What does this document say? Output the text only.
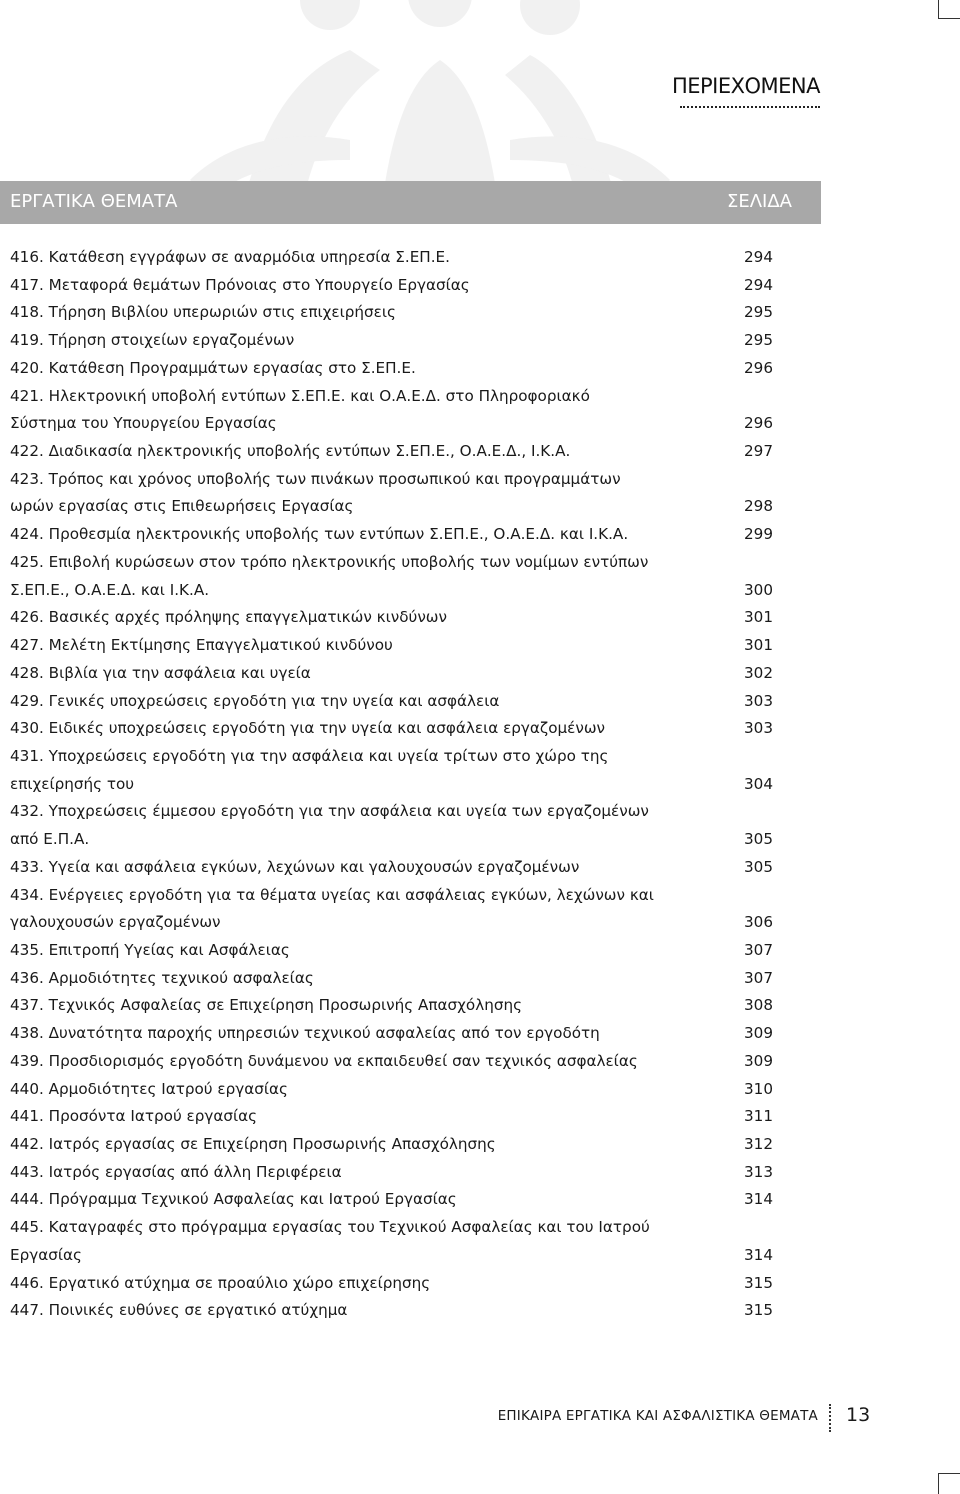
ΠΕΡΙΕΧΟΜΕΝΑ
ΕΡΓΑΤΙΚΑ ΘΕΜΑΤΑ	ΣΕΛΙΔΑ
416. Κατάθεση εγγράφων σε αναρμόδια υπηρεσία Σ.ΕΠ.Ε.	294
417. Μεταφορά θεμάτων Πρόνοιας στο Υπουργείο Εργασίας	294
418. Τήρηση Βιβλίου υπερωριών στις επιχειρήσεις	295
419. Τήρηση στοιχείων εργαζομένων	295
420. Κατάθεση Προγραμμάτων εργασίας στο Σ.ΕΠ.Ε.	296
421. Ηλεκτρονική υποβολή εντύπων Σ.ΕΠ.Ε. και Ο.Α.Ε.Δ. στο Πληροφοριακό
Σύστημα του Υπουργείου Εργασίας	296
422. Διαδικασία ηλεκτρονικής υποβολής εντύπων Σ.ΕΠ.Ε., Ο.Α.Ε.Δ., Ι.Κ.Α.	297
423. Τρόπος και χρόνος υποβολής των πινάκων προσωπικού και προγραμμάτων
ωρών εργασίας στις Επιθεωρήσεις Εργασίας	298
424. Προθεσμία ηλεκτρονικής υποβολής των εντύπων Σ.ΕΠ.Ε., Ο.Α.Ε.Δ. και Ι.Κ.Α.	299
425. Επιβολή κυρώσεων στον τρόπο ηλεκτρονικής υποβολής των νομίμων εντύπων
Σ.ΕΠ.Ε., Ο.Α.Ε.Δ. και Ι.Κ.Α.	300
426. Βασικές αρχές πρόληψης επαγγελματικών κινδύνων	301
427. Μελέτη Εκτίμησης Επαγγελματικού κινδύνου	301
428. Βιβλία για την ασφάλεια και υγεία	302
429. Γενικές υποχρεώσεις εργοδότη για την υγεία και ασφάλεια	303
430. Ειδικές υποχρεώσεις εργοδότη για την υγεία και ασφάλεια εργαζομένων	303
431. Υποχρεώσεις εργοδότη για την ασφάλεια και υγεία τρίτων στο χώρο της
επιχείρησής του	304
432. Υποχρεώσεις έμμεσου εργοδότη για την ασφάλεια και υγεία των εργαζομένων
από Ε.Π.Α.	305
433. Υγεία και ασφάλεια εγκύων, λεχώνων και γαλουχουσών εργαζομένων	305
434. Ενέργειες εργοδότη για τα θέματα υγείας και ασφάλειας εγκύων, λεχώνων και
γαλουχουσών εργαζομένων	306
435. Επιτροπή Υγείας και Ασφάλειας	307
436. Αρμοδιότητες τεχνικού ασφαλείας	307
437. Τεχνικός Ασφαλείας σε Επιχείρηση Προσωρινής Απασχόλησης	308
438. Δυνατότητα παροχής υπηρεσιών τεχνικού ασφαλείας από τον εργοδότη	309
439. Προσδιορισμός εργοδότη δυνάμενου να εκπαιδευθεί σαν τεχνικός ασφαλείας	309
440. Αρμοδιότητες Ιατρού εργασίας	310
441. Προσόντα Ιατρού εργασίας	311
442. Ιατρός εργασίας σε Επιχείρηση Προσωρινής Απασχόλησης	312
443. Ιατρός εργασίας από άλλη Περιφέρεια	313
444. Πρόγραμμα Τεχνικού Ασφαλείας και Ιατρού Εργασίας	314
445. Καταγραφές στο πρόγραμμα εργασίας του Τεχνικού Ασφαλείας και του Ιατρού
Εργασίας	314
446. Εργατικό ατύχημα σε προαύλιο χώρο επιχείρησης	315
447. Ποινικές ευθύνες σε εργατικό ατύχημα	315
ΕΠΙΚΑΙΡΑ ΕΡΓΑΤΙΚΑ ΚΑΙ ΑΣΦΑΛΙΣΤΙΚΑ ΘΕΜΑΤΑ 13
